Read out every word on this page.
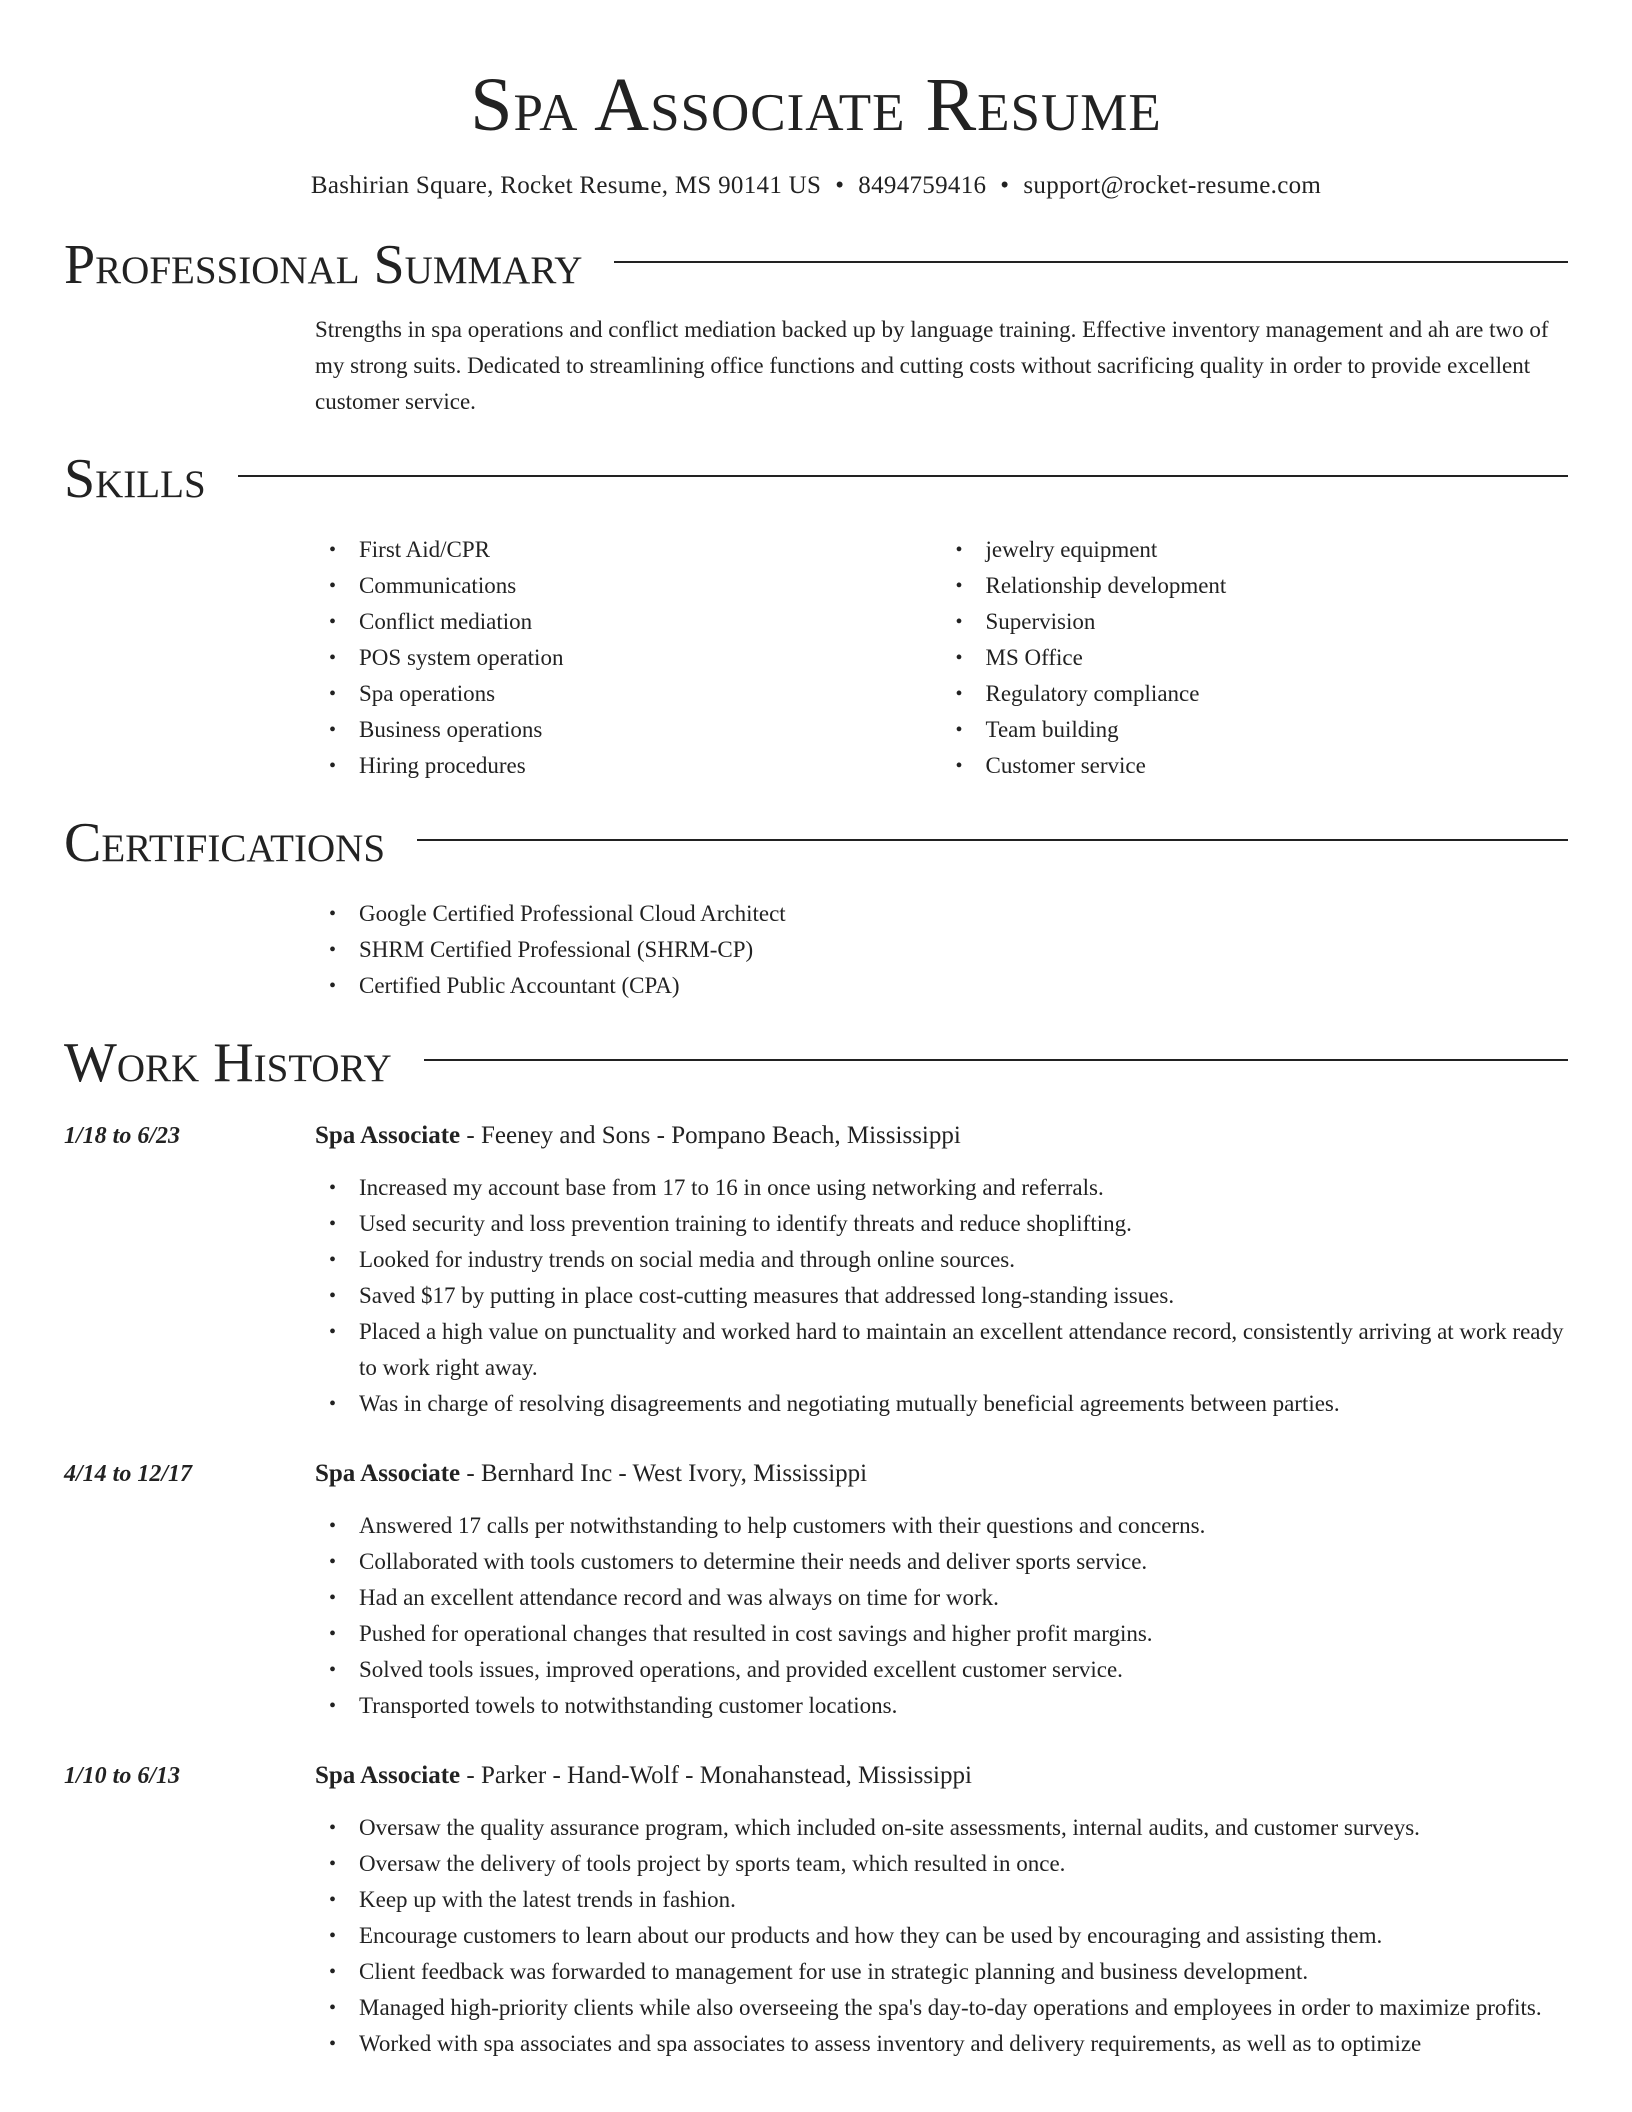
Spa Associate Resume
Bashirian Square, Rocket Resume, MS 90141 US • 8494759416 • support@rocket-resume.com
Professional Summary

Strengths in spa operations and conflict mediation backed up by language training. Effective inventory management and ah are two of my strong suits. Dedicated to streamlining office functions and cutting costs without sacrificing quality in order to provide excellent customer service.

Skills
• First Aid/CPR
• Communications
• Conflict mediation
• POS system operation
• Spa operations
• Business operations
• Hiring procedures
• jewelry equipment
• Relationship development
• Supervision
• MS Office
• Regulatory compliance
• Team building
• Customer service
Certifications
• Google Certified Professional Cloud Architect
• SHRM Certified Professional (SHRM-CP)
• Certified Public Accountant (CPA)
Work History
1/18 to 6/23	Spa Associate - Feeney and Sons - Pompano Beach, Mississippi
• Increased my account base from 17 to 16 in once using networking and referrals.
• Used security and loss prevention training to identify threats and reduce shoplifting.
• Looked for industry trends on social media and through online sources.
• Saved $17 by putting in place cost-cutting measures that addressed long-standing issues.
• Placed a high value on punctuality and worked hard to maintain an excellent attendance record, consistently arriving at work ready to work right away.
• Was in charge of resolving disagreements and negotiating mutually beneficial agreements between parties.
4/14 to 12/17	Spa Associate - Bernhard Inc - West Ivory, Mississippi
• Answered 17 calls per notwithstanding to help customers with their questions and concerns.
• Collaborated with tools customers to determine their needs and deliver sports service.
• Had an excellent attendance record and was always on time for work.
• Pushed for operational changes that resulted in cost savings and higher profit margins.
• Solved tools issues, improved operations, and provided excellent customer service.
• Transported towels to notwithstanding customer locations.
1/10 to 6/13	Spa Associate - Parker - Hand-Wolf - Monahanstead, Mississippi
• Oversaw the quality assurance program, which included on-site assessments, internal audits, and customer surveys.
• Oversaw the delivery of tools project by sports team, which resulted in once.
• Keep up with the latest trends in fashion.
• Encourage customers to learn about our products and how they can be used by encouraging and assisting them.
• Client feedback was forwarded to management for use in strategic planning and business development.
• Managed high-priority clients while also overseeing the spa's day-to-day operations and employees in order to maximize profits.
• Worked with spa associates and spa associates to assess inventory and delivery requirements, as well as to optimize
